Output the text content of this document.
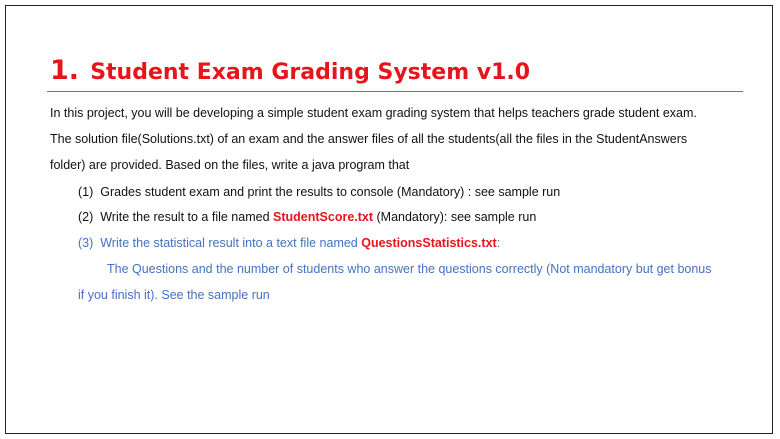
1. Student Exam Grading System v1.0

In this project, you will be developing a simple student exam grading system that helps teachers grade student exam.

The solution file(Solutions.txt) of an exam and the answer files of all the students(all the files in the StudentAnswers

folder) are provided. Based on the files, write a java program that

(1) Grades student exam and print the results to console (Mandatory) : see sample run

(2) Write the result to a file named StudentScore.txt (Mandatory): see sample run

(3) Write the statistical result into a text file named QuestionsStatistics.txt:

The Questions and the number of students who answer the questions correctly (Not mandatory but get bonus

if you finish it). See the sample run
